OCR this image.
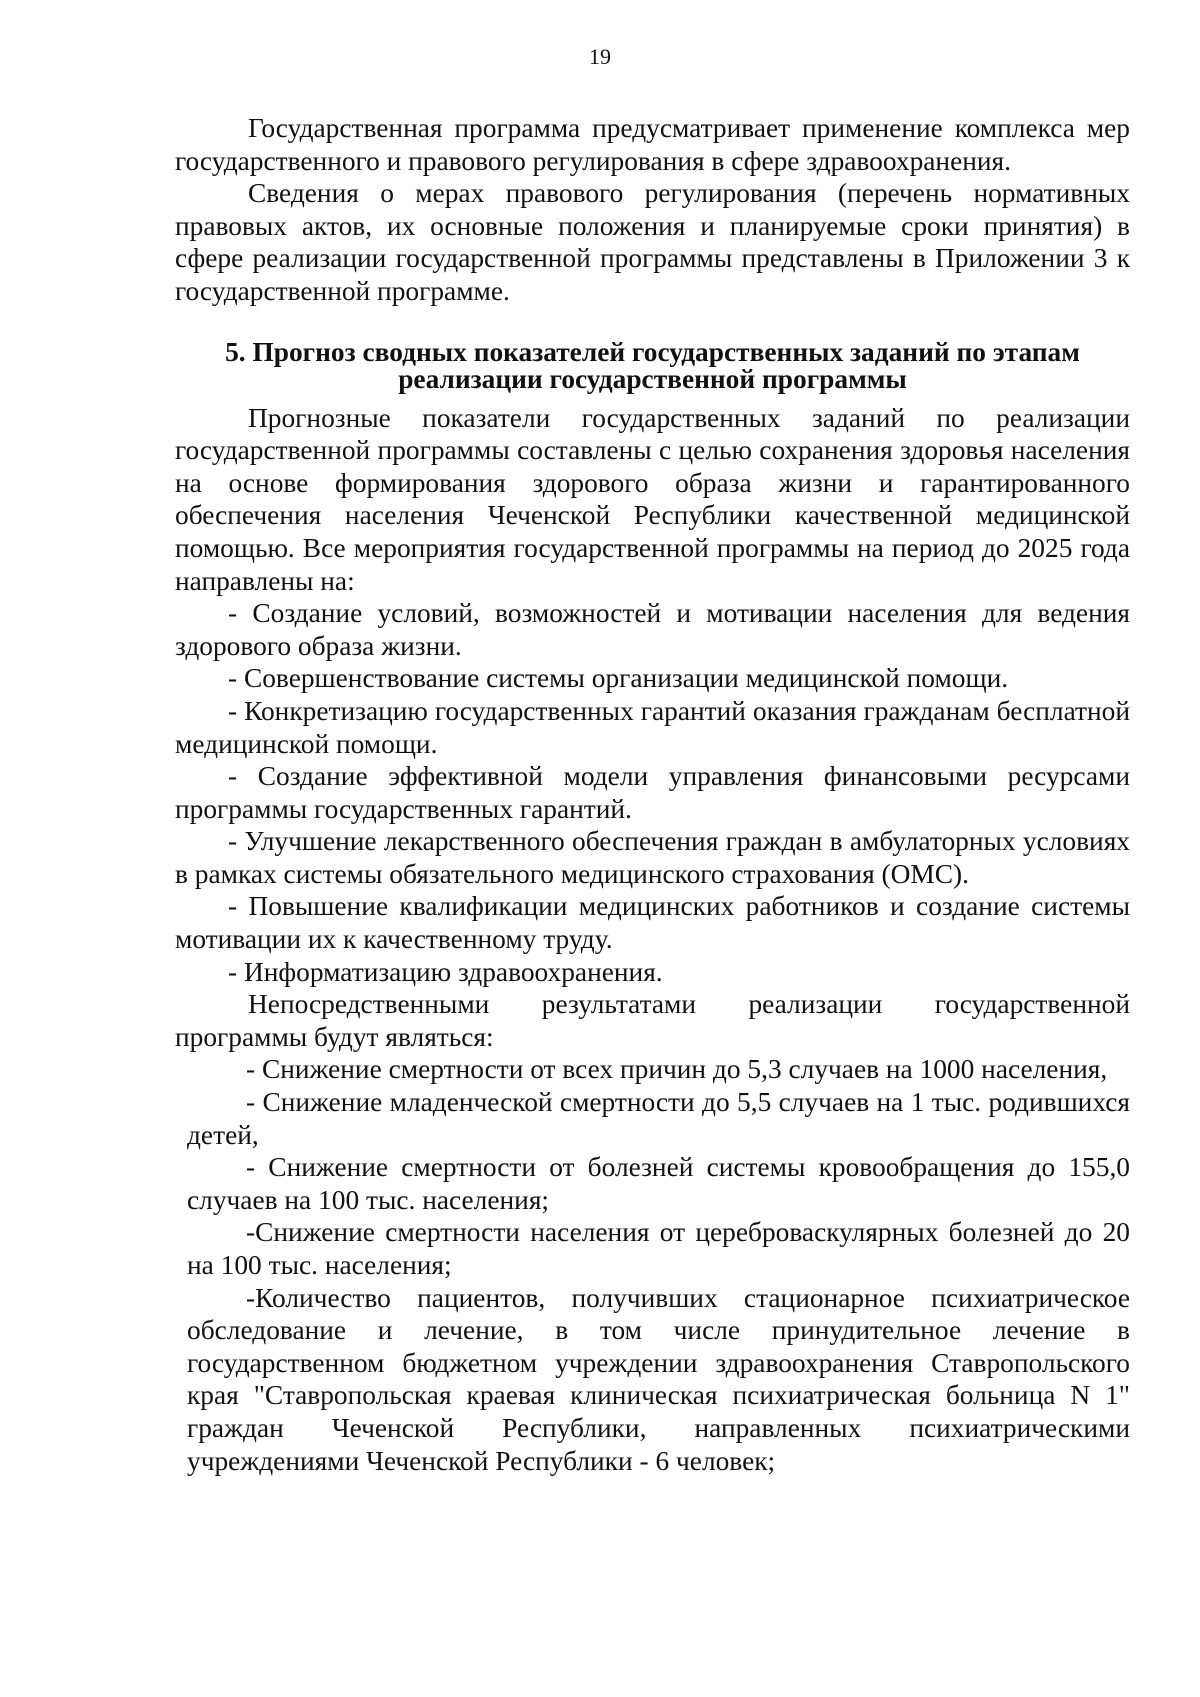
19

Государственная программа предусматривает применение комплекса мер государственного и правового регулирования в сфере здравоохранения.

Сведения о мерах правового регулирования (перечень нормативных правовых актов, их основные положения и планируемые сроки принятия) в сфере реализации государственной программы представлены в Приложении 3 к государственной программе.

5. Прогноз сводных показателей государственных заданий по этапам
реализации государственной программы

Прогнозные показатели государственных заданий по реализации государственной программы составлены с целью сохранения здоровья населения на основе формирования здорового образа жизни и гарантированного обеспечения населения Чеченской Республики качественной медицинской помощью. Все мероприятия государственной программы на период до 2025 года направлены на:

- Создание условий, возможностей и мотивации населения для ведения здорового образа жизни.

- Совершенствование системы организации медицинской помощи.

- Конкретизацию государственных гарантий оказания гражданам бесплатной медицинской помощи.

- Создание эффективной модели управления финансовыми ресурсами программы государственных гарантий.

- Улучшение лекарственного обеспечения граждан в амбулаторных условиях в рамках системы обязательного медицинского страхования (ОМС).

- Повышение квалификации медицинских работников и создание системы мотивации их к качественному труду.

- Информатизацию здравоохранения.

Непосредственными результатами реализации государственной программы будут являться:

- Снижение смертности от всех причин до 5,3 случаев на 1000 населения,

- Снижение младенческой смертности до 5,5 случаев на 1 тыс. родившихся детей,

- Снижение смертности от болезней системы кровообращения до 155,0 случаев на 100 тыс. населения;

-Снижение смертности населения от цереброваскулярных болезней до 20 на 100 тыс. населения;

-Количество пациентов, получивших стационарное психиатрическое обследование и лечение, в том числе принудительное лечение в государственном бюджетном учреждении здравоохранения Ставропольского края "Ставропольская краевая клиническая психиатрическая больница N 1" граждан Чеченской Республики, направленных психиатрическими учреждениями Чеченской Республики - 6 человек;
